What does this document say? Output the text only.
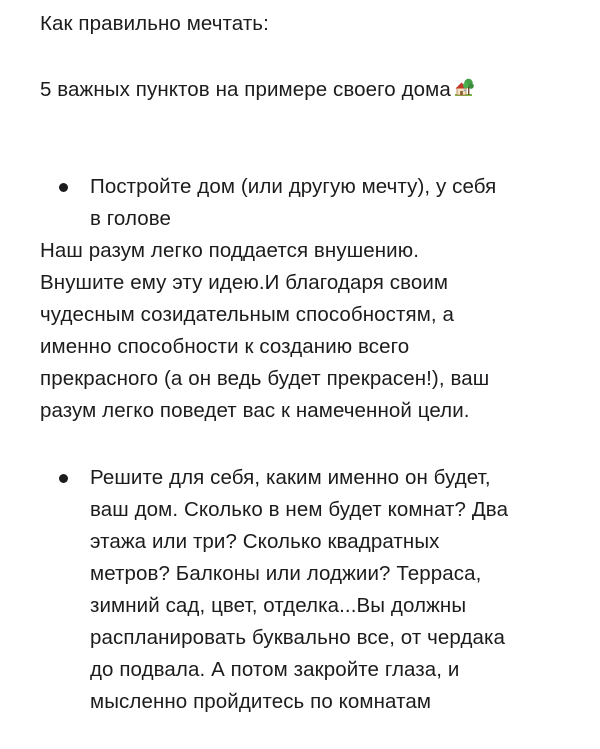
Как правильно мечтать:
5 важных пунктов на примере своего дома
Постройте дом (или другую мечту), у себя
в голове
Наш разум легко поддается внушению.
Внушите ему эту идею.И благодаря своим
чудесным созидательным способностям, а
именно способности к созданию всего
прекрасного (а он ведь будет прекрасен!), ваш
разум легко поведет вас к намеченной цели.
Решите для себя, каким именно он будет,
ваш дом. Сколько в нем будет комнат? Два
этажа или три? Сколько квадратных
метров? Балконы или лоджии? Терраса,
зимний сад, цвет, отделка...Вы должны
распланировать буквально все, от чердака
до подвала. А потом закройте глаза, и
мысленно пройдитесь по комнатам
